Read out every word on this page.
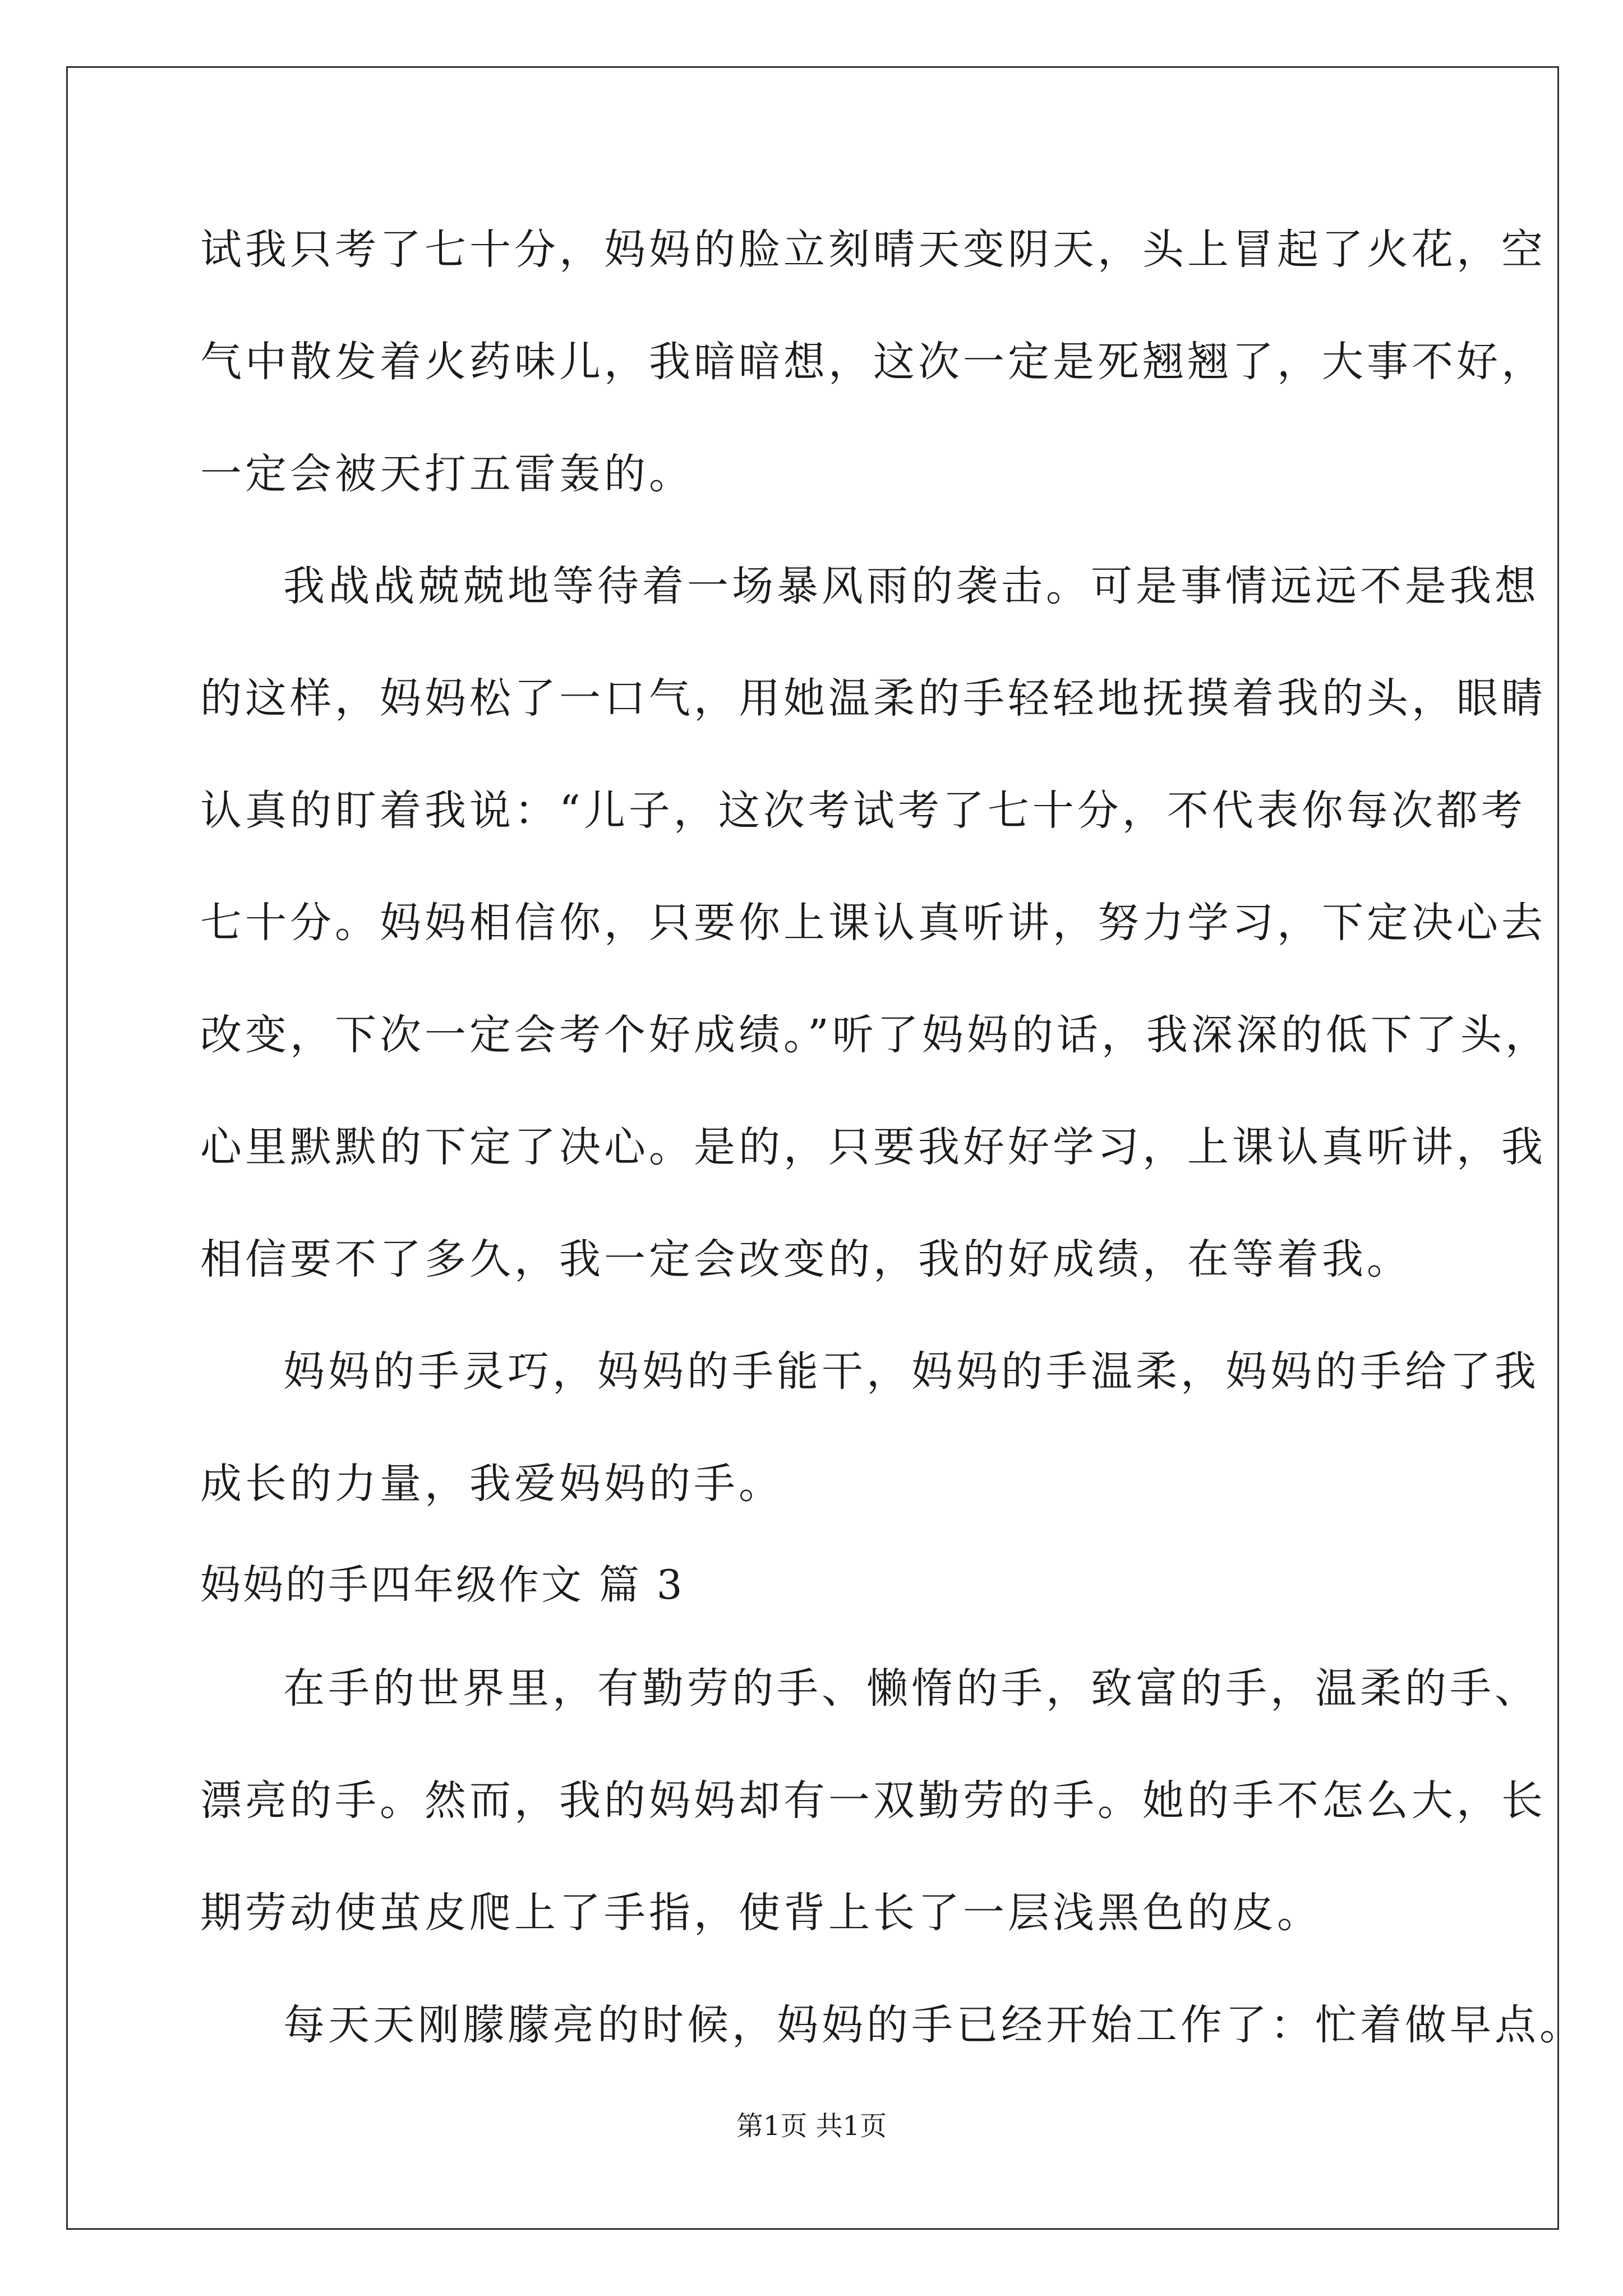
试我只考了七十分，妈妈的脸立刻晴天变阴天，头上冒起了火花，空
气中散发着火药味儿，我暗暗想，这次一定是死翘翘了，大事不好，
一定会被天打五雷轰的。
我战战兢兢地等待着一场暴风雨的袭击。可是事情远远不是我想
的这样，妈妈松了一口气，用她温柔的手轻轻地抚摸着我的头，眼睛
认真的盯着我说：“儿子，这次考试考了七十分，不代表你每次都考
七十分。妈妈相信你，只要你上课认真听讲，努力学习，下定决心去
改变，下次一定会考个好成绩。”听了妈妈的话，我深深的低下了头，
心里默默的下定了决心。是的，只要我好好学习，上课认真听讲，我
相信要不了多久，我一定会改变的，我的好成绩，在等着我。
妈妈的手灵巧，妈妈的手能干，妈妈的手温柔，妈妈的手给了我
成长的力量，我爱妈妈的手。
妈妈的手四年级作文 篇 3
在手的世界里，有勤劳的手、懒惰的手，致富的手，温柔的手、
漂亮的手。然而，我的妈妈却有一双勤劳的手。她的手不怎么大，长
期劳动使茧皮爬上了手指，使背上长了一层浅黑色的皮。
每天天刚朦朦亮的时候，妈妈的手已经开始工作了：忙着做早点。
第1页 共1页
